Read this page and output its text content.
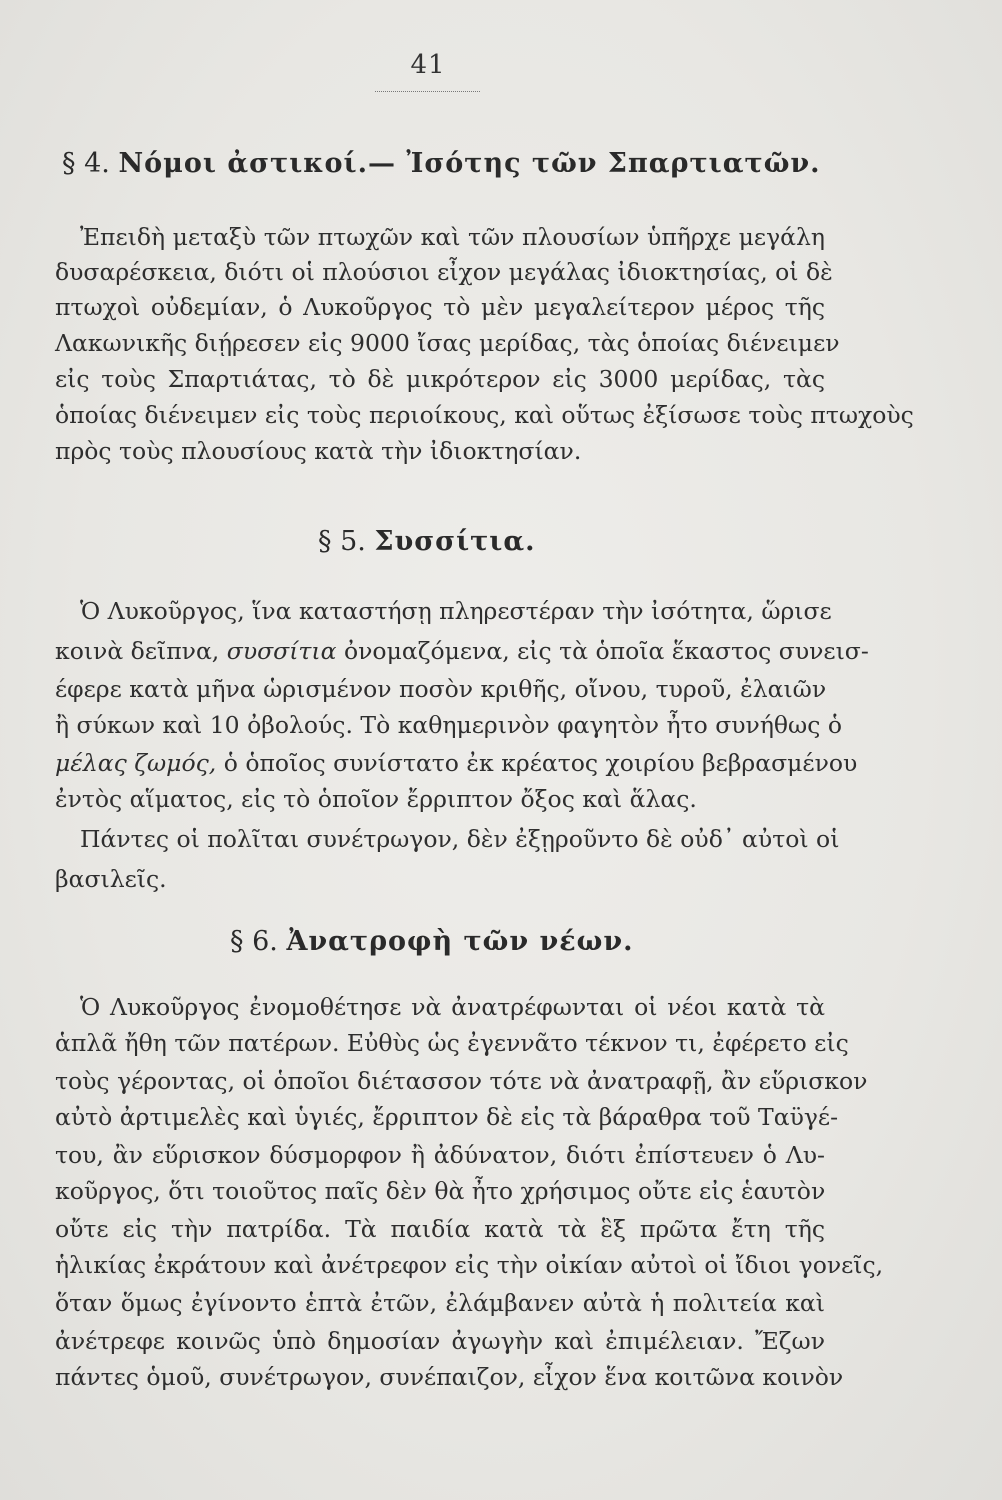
41
§ 4. Νόμοι ἀστικοί.— Ἰσότης τῶν Σπαρτιατῶν.
Ἐπειδὴ μεταξὺ τῶν πτωχῶν καὶ τῶν πλουσίων ὑπῆρχε μεγάλη
δυσαρέσκεια, διότι οἱ πλούσιοι εἶχον μεγάλας ἰδιοκτησίας, οἱ δὲ
πτωχοὶ οὐδεμίαν, ὁ Λυκοῦργος τὸ μὲν μεγαλείτερον μέρος τῆς
Λακωνικῆς διῄρεσεν εἰς 9000 ἴσας μερίδας, τὰς ὁποίας διένειμεν
εἰς τοὺς Σπαρτιάτας, τὸ δὲ μικρότερον εἰς 3000 μερίδας, τὰς
ὁποίας διένειμεν εἰς τοὺς περιοίκους, καὶ οὕτως ἐξίσωσε τοὺς πτωχοὺς
πρὸς τοὺς πλουσίους κατὰ τὴν ἰδιοκτησίαν.
§ 5. Συσσίτια.
Ὁ Λυκοῦργος, ἵνα καταστήσῃ πληρεστέραν τὴν ἰσότητα, ὥρισε
κοινὰ δεῖπνα, συσσίτια ὀνομαζόμενα, εἰς τὰ ὁποῖα ἕκαστος συνεισ-
έφερε κατὰ μῆνα ὡρισμένον ποσὸν κριθῆς, οἴνου, τυροῦ, ἐλαιῶν
ἢ σύκων καὶ 10 ὀβολούς. Τὸ καθημερινὸν φαγητὸν ἦτο συνήθως ὁ
μέλας ζωμός, ὁ ὁποῖος συνίστατο ἐκ κρέατος χοιρίου βεβρασμένου
ἐντὸς αἵματος, εἰς τὸ ὁποῖον ἔρριπτον ὄξος καὶ ἅλας.
Πάντες οἱ πολῖται συνέτρωγον, δὲν ἐξῃροῦντο δὲ οὐδ᾽ αὐτοὶ οἱ
βασιλεῖς.
§ 6. Ἀνατροφὴ τῶν νέων.
Ὁ Λυκοῦργος ἐνομοθέτησε νὰ ἀνατρέφωνται οἱ νέοι κατὰ τὰ
ἁπλᾶ ἤθη τῶν πατέρων. Εὐθὺς ὡς ἐγεννᾶτο τέκνον τι, ἐφέρετο εἰς
τοὺς γέροντας, οἱ ὁποῖοι διέτασσον τότε νὰ ἀνατραφῇ, ἂν εὕρισκον
αὐτὸ ἀρτιμελὲς καὶ ὑγιές, ἔρριπτον δὲ εἰς τὰ βάραθρα τοῦ Ταϋγέ-
του, ἂν εὕρισκον δύσμορφον ἢ ἀδύνατον, διότι ἐπίστευεν ὁ Λυ-
κοῦργος, ὅτι τοιοῦτος παῖς δὲν θὰ ἦτο χρήσιμος οὔτε εἰς ἑαυτὸν
οὔτε εἰς τὴν πατρίδα. Τὰ παιδία κατὰ τὰ ἓξ πρῶτα ἔτη τῆς
ἡλικίας ἐκράτουν καὶ ἀνέτρεφον εἰς τὴν οἰκίαν αὐτοὶ οἱ ἴδιοι γονεῖς,
ὅταν ὅμως ἐγίνοντο ἑπτὰ ἐτῶν, ἐλάμβανεν αὐτὰ ἡ πολιτεία καὶ
ἀνέτρεφε κοινῶς ὑπὸ δημοσίαν ἀγωγὴν καὶ ἐπιμέλειαν. Ἔζων
πάντες ὁμοῦ, συνέτρωγον, συνέπαιζον, εἶχον ἕνα κοιτῶνα κοινὸν
